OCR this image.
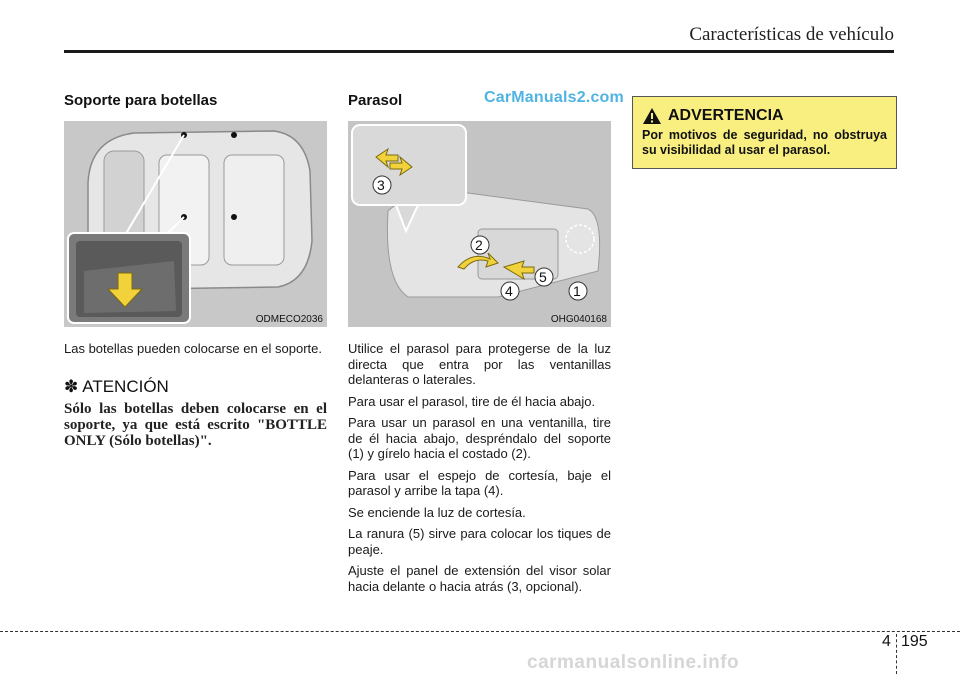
Características de vehículo
CarManuals2.com
Soporte para botellas
ODMECO2036

Las botellas pueden colocarse en el soporte.

✽ ATENCIÓN

Sólo las botellas deben colocarse en el soporte, ya que está escrito "BOTTLE ONLY (Sólo botellas)".

Parasol
1
2
3
4
5
OHG040168

Utilice el parasol para protegerse de la luz directa que entra por las ventanillas delanteras o laterales.

Para usar el parasol, tire de él hacia abajo.

Para usar un parasol en una ventanilla, tire de él hacia abajo, despréndalo del soporte (1) y gírelo hacia el costado (2).

Para usar el espejo de cortesía, baje el parasol y arribe la tapa (4).

Se enciende la luz de cortesía.

La ranura (5) sirve para colocar los tiques de peaje.

Ajuste el panel de extensión del visor solar hacia delante o hacia atrás (3, opcional).

ADVERTENCIA
Por motivos de seguridad, no obstruya su visibilidad al usar el parasol.
4 195
carmanualsonline.info
